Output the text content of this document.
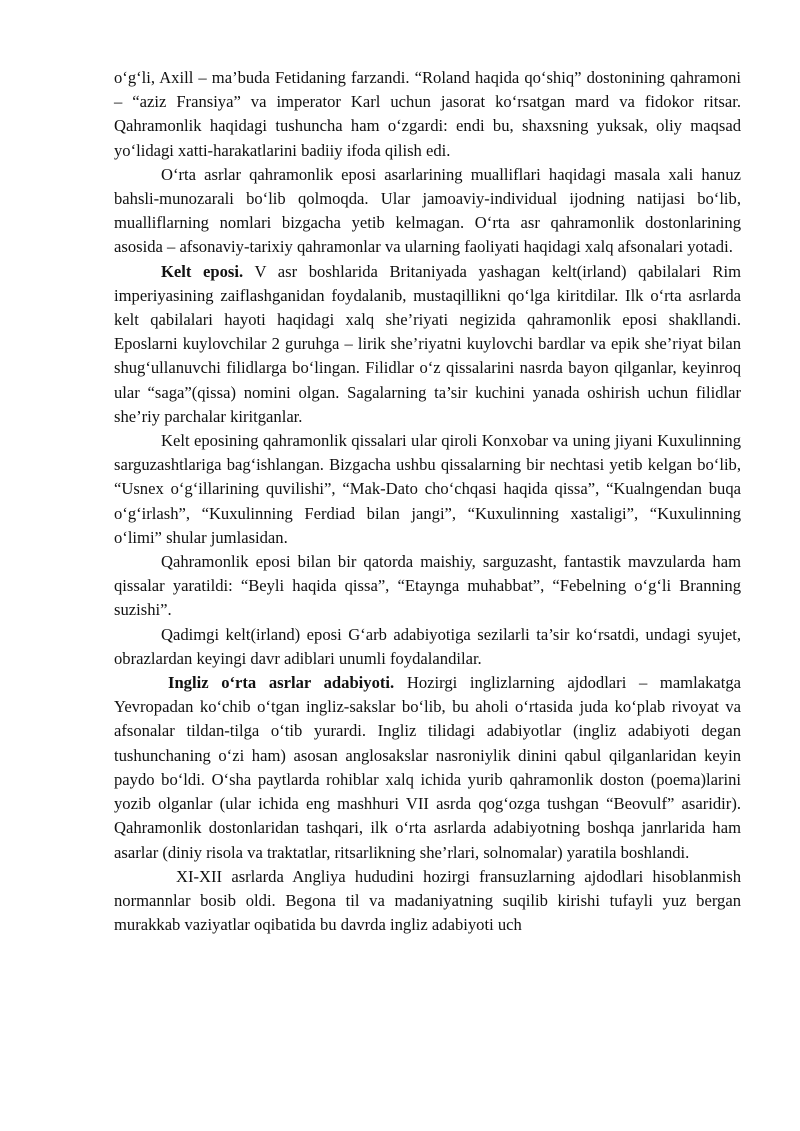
o‘g‘li, Axill – ma’buda Fetidaning farzandi. “Roland haqida qo‘shiq” dostonining qahramoni – “aziz Fransiya” va imperator Karl uchun jasorat ko‘rsatgan mard va fidokor ritsar. Qahramonlik haqidagi tushuncha ham o‘zgardi: endi bu, shaxsning yuksak, oliy maqsad yo‘lidagi xatti-harakatlarini badiiy ifoda qilish edi.

O‘rta asrlar qahramonlik eposi asarlarining mualliflari haqidagi masala xali hanuz bahsli-munozarali bo‘lib qolmoqda. Ular jamoaviy-individual ijodning natijasi bo‘lib, mualliflarning nomlari bizgacha yetib kelmagan. O‘rta asr qahramonlik dostonlarining asosida – afsonaviy-tarixiy qahramonlar va ularning faoliyati haqidagi xalq afsonalari yotadi.

Kelt eposi. V asr boshlarida Britaniyada yashagan kelt(irland) qabilalari Rim imperiyasining zaiflashganidan foydalanib, mustaqillikni qo‘lga kiritdilar. Ilk o‘rta asrlarda kelt qabilalari hayoti haqidagi xalq she’riyati negizida qahramonlik eposi shakllandi. Eposlarni kuylovchilar 2 guruhga – lirik she’riyatni kuylovchi bardlar va epik she’riyat bilan shug‘ullanuvchi filidlarga bo‘lingan. Filidlar o‘z qissalarini nasrda bayon qilganlar, keyinroq ular “saga”(qissa) nomini olgan. Sagalarning ta’sir kuchini yanada oshirish uchun filidlar she’riy parchalar kiritganlar.

Kelt eposining qahramonlik qissalari ular qiroli Konxobar va uning jiyani Kuxulinning sarguzashtlariga bag‘ishlangan. Bizgacha ushbu qissalarning bir nechtasi yetib kelgan bo‘lib, “Usnex o‘g‘illarining quvilishi”, “Mak-Dato cho‘chqasi haqida qissa”, “Kualngendan buqa o‘g‘irlash”, “Kuxulinning Ferdiad bilan jangi”, “Kuxulinning xastaligi”, “Kuxulinning o‘limi” shular jumlasidan.

Qahramonlik eposi bilan bir qatorda maishiy, sarguzasht, fantastik mavzularda ham qissalar yaratildi: “Beyli haqida qissa”, “Etaynga muhabbat”, “Febelning o‘g‘li Branning suzishi”.

Qadimgi kelt(irland) eposi G‘arb adabiyotiga sezilarli ta’sir ko‘rsatdi, undagi syujet, obrazlardan keyingi davr adiblari unumli foydalandilar.

Ingliz o‘rta asrlar adabiyoti. Hozirgi inglizlarning ajdodlari – mamlakatga Yevropadan ko‘chib o‘tgan ingliz-sakslar bo‘lib, bu aholi o‘rtasida juda ko‘plab rivoyat va afsonalar tildan-tilga o‘tib yurardi. Ingliz tilidagi adabiyotlar (ingliz adabiyoti degan tushunchaning o‘zi ham) asosan anglosakslar nasroniylik dinini qabul qilganlaridan keyin paydo bo‘ldi. O‘sha paytlarda rohiblar xalq ichida yurib qahramonlik doston (poema)larini yozib olganlar (ular ichida eng mashhuri VII asrda qog‘ozga tushgan “Beovulf” asaridir). Qahramonlik dostonlaridan tashqari, ilk o‘rta asrlarda adabiyotning boshqa janrlarida ham asarlar (diniy risola va traktatlar, ritsarlikning she’rlari, solnomalar) yaratila boshlandi.

XI-XII asrlarda Angliya hududini hozirgi fransuzlarning ajdodlari hisoblanmish normannlar bosib oldi. Begona til va madaniyatning suqilib kirishi tufayli yuz bergan murakkab vaziyatlar oqibatida bu davrda ingliz adabiyoti uch
